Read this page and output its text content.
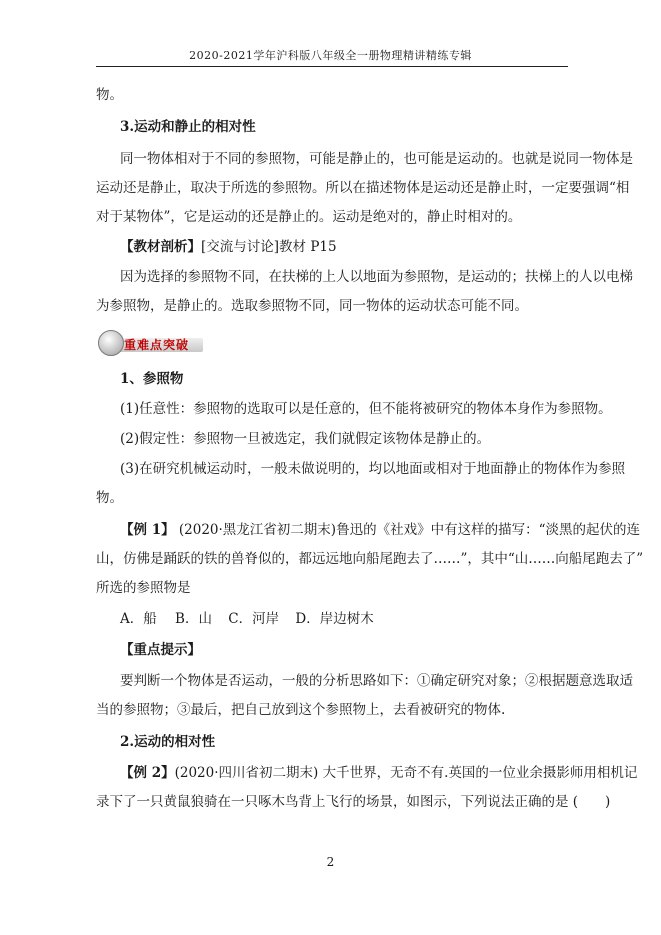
2020-2021学年沪科版八年级全一册物理精讲精练专辑
物。
3.运动和静止的相对性
同一物体相对于不同的参照物，可能是静止的，也可能是运动的。也就是说同一物体是
运动还是静止，取决于所选的参照物。所以在描述物体是运动还是静止时，一定要强调“相
对于某物体”，它是运动的还是静止的。运动是绝对的，静止时相对的。
【教材剖析】[交流与讨论]教材 P15
因为选择的参照物不同，在扶梯的上人以地面为参照物，是运动的；扶梯上的人以电梯
为参照物，是静止的。选取参照物不同，同一物体的运动状态可能不同。
重难点突破
1、参照物
(1)任意性：参照物的选取可以是任意的，但不能将被研究的物体本身作为参照物。
(2)假定性：参照物一旦被选定，我们就假定该物体是静止的。
(3)在研究机械运动时，一般未做说明的，均以地面或相对于地面静止的物体作为参照
物。
【例 1】 (2020·黑龙江省初二期末)鲁迅的《社戏》中有这样的描写：“淡黑的起伏的连
山，仿佛是踊跃的铁的兽脊似的，都远远地向船尾跑去了……”，其中“山……向船尾跑去了”
所选的参照物是
A．船 B．山 C．河岸 D．岸边树木
【重点提示】
要判断一个物体是否运动，一般的分析思路如下：①确定研究对象；②根据题意选取适
当的参照物；③最后，把自己放到这个参照物上，去看被研究的物体.
2.运动的相对性
【例 2】(2020·四川省初二期末) 大千世界，无奇不有.英国的一位业余摄影师用相机记
录下了一只黄鼠狼骑在一只啄木鸟背上飞行的场景，如图示，下列说法正确的是 (　　)
2
